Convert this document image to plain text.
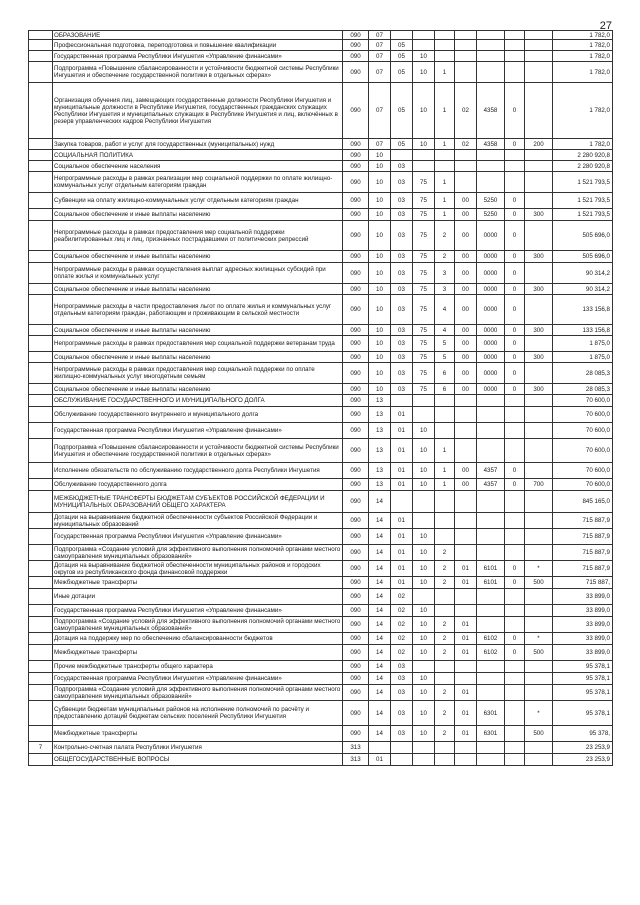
27
	ОБРАЗОВАНИЕ	090	07								1 782,0
	Профессиональная подготовка, переподготовка и повышение квалификации	090	07	05							1 782,0
	Государственная программа Республики Ингушетия «Управление финансами»	090	07	05	10						1 782,0
	Подпрограмма «Повышение сбалансированности и устойчивости бюджетной системы Республики Ингушетия и обеспечение государственной политики в отдельных сферах»	090	07	05	10	1					1 782,0
	Организация обучения лиц, замещающих государственные должности Республики Ингушетия и муниципальные должности в Республике Ингушетия, государственных гражданских служащих Республики Ингушетия и муниципальных служащих в Республике Ингушетия и лиц, включённых в резерв управленческих кадров Республики Ингушетия	090	07	05	10	1	02	4358	0		1 782,0
	Закупка товаров, работ и услуг для государственных (муниципальных) нужд	090	07	05	10	1	02	4358	0	200	1 782,0
	СОЦИАЛЬНАЯ ПОЛИТИКА	090	10								2 280 920,8
	Социальное обеспечение населения	090	10	03							2 280 920,8
	Непрограммные расходы в рамках реализации мер социальной поддержки по оплате жилищно-коммунальных услуг отдельным категориям граждан	090	10	03	75	1					1 521 793,5
	Субвенции на оплату жилищно-коммунальных услуг отдельным категориям граждан	090	10	03	75	1	00	5250	0		1 521 793,5
	Социальное обеспечение и иные выплаты населению	090	10	03	75	1	00	5250	0	300	1 521 793,5
	Непрограммные расходы в рамках предоставления мер социальной поддержки реабилитированных лиц и лиц, признанных пострадавшими от политических репрессий	090	10	03	75	2	00	0000	0		505 696,0
	Социальное обеспечение и иные выплаты населению	090	10	03	75	2	00	0000	0	300	505 696,0
	Непрограммные расходы в рамках осуществления выплат адресных жилищных субсидий при оплате жилья и коммунальных услуг	090	10	03	75	3	00	0000	0		90 314,2
	Социальное обеспечение и иные выплаты населению	090	10	03	75	3	00	0000	0	300	90 314,2
	Непрограммные расходы в части предоставления льгот по оплате жилья и коммунальных услуг отдельным категориям граждан, работающим и проживающим в сельской местности	090	10	03	75	4	00	0000	0		133 156,8
	Социальное обеспечение и иные выплаты населению	090	10	03	75	4	00	0000	0	300	133 156,8
	Непрограммные расходы в рамках предоставления мер социальной поддержки ветеранам труда	090	10	03	75	5	00	0000	0		1 875,0
	Социальное обеспечение и иные выплаты населению	090	10	03	75	5	00	0000	0	300	1 875,0
	Непрограммные расходы в рамках предоставления мер социальной поддержки по оплате жилищно-коммунальных услуг многодетным семьям	090	10	03	75	6	00	0000	0		28 085,3
	Социальное обеспечение и иные выплаты населению	090	10	03	75	6	00	0000	0	300	28 085,3
	ОБСЛУЖИВАНИЕ ГОСУДАРСТВЕННОГО И МУНИЦИПАЛЬНОГО ДОЛГА	090	13								70 600,0
	Обслуживание государственного внутреннего и муниципального долга	090	13	01							70 600,0
	Государственная программа Республики Ингушетия «Управление финансами»	090	13	01	10						70 600,0
	Подпрограмма «Повышение сбалансированности и устойчивости бюджетной системы Республики Ингушетия и обеспечение государственной политики в отдельных сферах»	090	13	01	10	1					70 600,0
	Исполнение обязательств по обслуживанию государственного долга Республики Ингушетия	090	13	01	10	1	00	4357	0		70 600,0
	Обслуживание государственного долга	090	13	01	10	1	00	4357	0	700	70 600,0
	МЕЖБЮДЖЕТНЫЕ ТРАНСФЕРТЫ БЮДЖЕТАМ СУБЪЕКТОВ РОССИЙСКОЙ ФЕДЕРАЦИИ И МУНИЦИПАЛЬНЫХ ОБРАЗОВАНИЙ ОБЩЕГО ХАРАКТЕРА	090	14								845 165,0
	Дотации на выравнивание бюджетной обеспеченности субъектов Российской Федерации и муниципальных образований	090	14	01							715 887,9
	Государственная программа Республики Ингушетия «Управление финансами»	090	14	01	10						715 887,9
	Подпрограмма «Создание условий для эффективного выполнения полномочий органами местного самоуправления муниципальных образований»	090	14	01	10	2					715 887,9
	Дотация на выравнивание бюджетной обеспеченности муниципальных районов и городских округов из республиканского фонда финансовой поддержки	090	14	01	10	2	01	6101	0	*	715 887,9
	Межбюджетные трансферты	090	14	01	10	2	01	6101	0	500	715 887,
	Иные дотации	090	14	02							33 899,0
	Государственная программа Республики Ингушетия «Управление финансами»	090	14	02	10						33 899,0
	Подпрограмма «Создание условий для эффективного выполнения полномочий органами местного самоуправления муниципальных образований»	090	14	02	10	2	01				33 899,0
	Дотация на поддержку мер по обеспечению сбалансированности бюджетов	090	14	02	10	2	01	6102	0	*	33 899,0
	Межбюджетные трансферты	090	14	02	10	2	01	6102	0	500	33 899,0
	Прочие межбюджетные трансферты общего характера	090	14	03							95 378,1
	Государственная программа Республики Ингушетия «Управление финансами»	090	14	03	10						95 378,1
	Подпрограмма «Создание условий для эффективного выполнения полномочий органами местного самоуправления муниципальных образований»	090	14	03	10	2	01				95 378,1
	Субвенции бюджетам муниципальных районов на исполнение полномочий по расчёту и предоставлению дотаций бюджетам сельских поселений Республики Ингушетия	090	14	03	10	2	01	6301		*	95 378,1
	Межбюджетные трансферты	090	14	03	10	2	01	6301		500	95 378,
7	Контрольно-счетная палата Республики Ингушетия	313									23 253,9
	ОБЩЕГОСУДАРСТВЕННЫЕ ВОПРОСЫ	313	01								23 253,9
